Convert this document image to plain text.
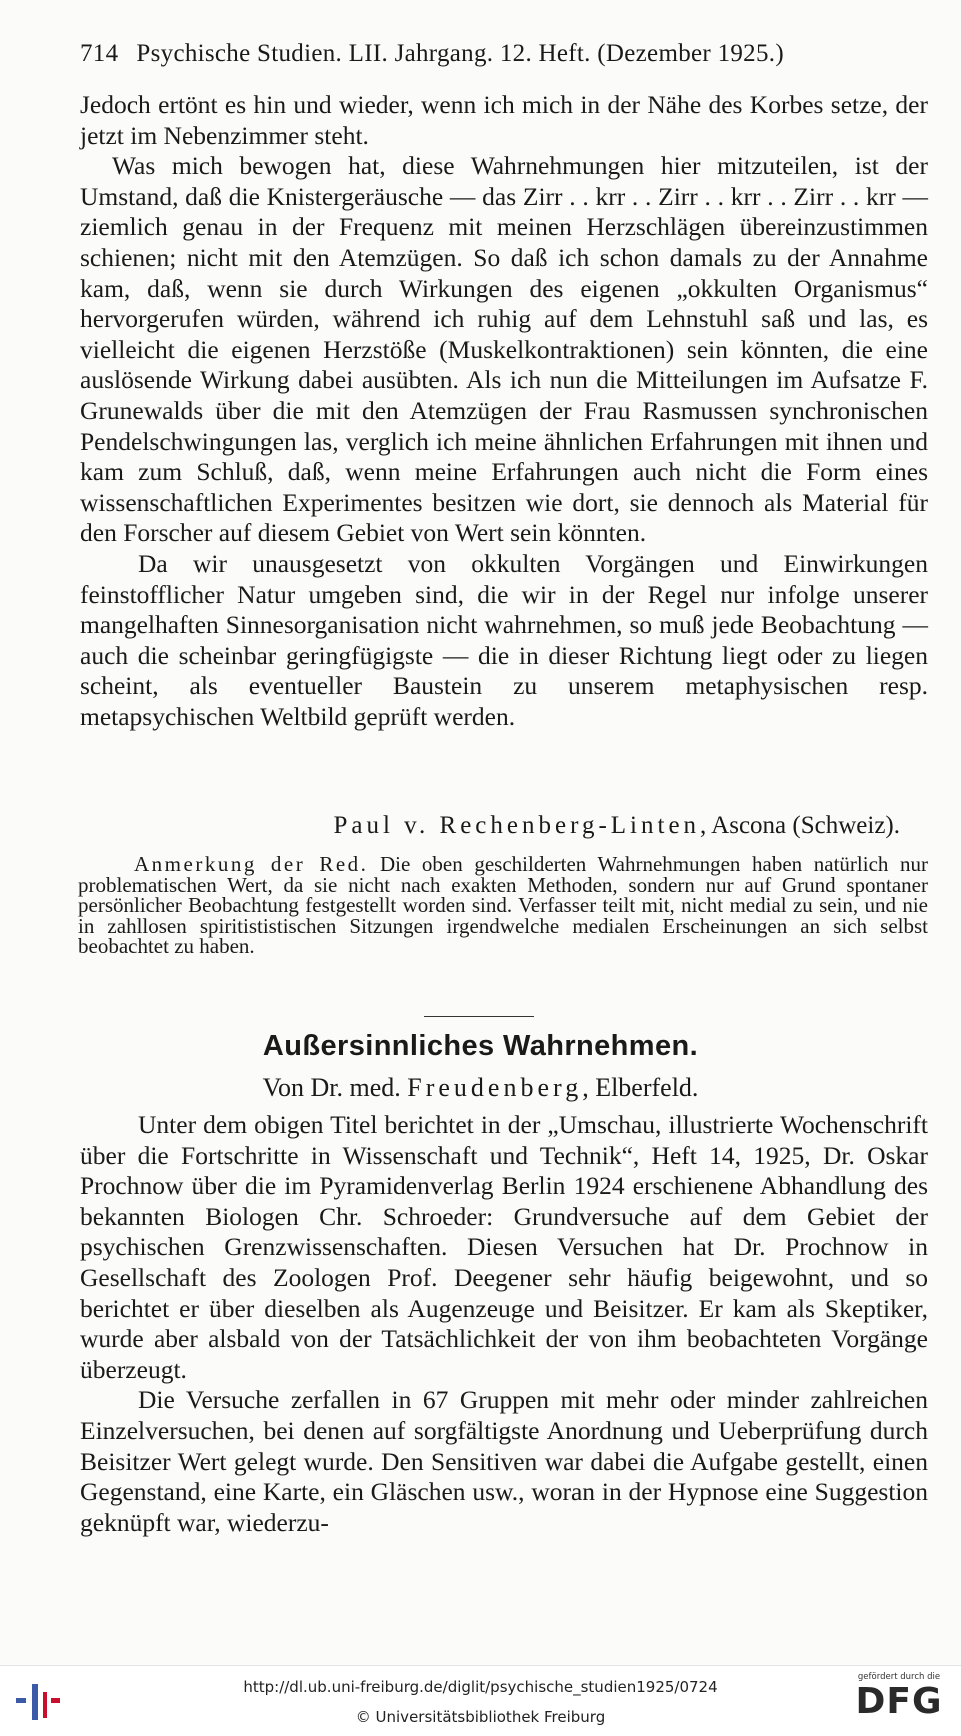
714 Psychische Studien. LII. Jahrgang. 12. Heft. (Dezember 1925.)

Jedoch ertönt es hin und wieder, wenn ich mich in der Nähe des Korbes setze, der jetzt im Nebenzimmer steht.

Was mich bewogen hat, diese Wahrnehmungen hier mitzuteilen, ist der Umstand, daß die Knistergeräusche — das Zirr . . krr . . Zirr . . krr . . Zirr . . krr — ziemlich genau in der Frequenz mit meinen Herzschlägen übereinzustimmen schienen; nicht mit den Atemzügen. So daß ich schon damals zu der Annahme kam, daß, wenn sie durch Wirkungen des eigenen „okkulten Organismus“ hervorgerufen würden, während ich ruhig auf dem Lehnstuhl saß und las, es vielleicht die eigenen Herzstöße (Muskelkontraktionen) sein könnten, die eine auslösende Wirkung dabei ausübten. Als ich nun die Mitteilungen im Aufsatze F. Grunewalds über die mit den Atemzügen der Frau Rasmussen synchronischen Pendelschwingungen las, verglich ich meine ähnlichen Erfahrungen mit ihnen und kam zum Schluß, daß, wenn meine Erfahrungen auch nicht die Form eines wissenschaftlichen Experimentes besitzen wie dort, sie dennoch als Material für den Forscher auf diesem Gebiet von Wert sein könnten.

Da wir unausgesetzt von okkulten Vorgängen und Einwirkungen feinstofflicher Natur umgeben sind, die wir in der Regel nur infolge unserer mangelhaften Sinnesorganisation nicht wahrnehmen, so muß jede Beobachtung — auch die scheinbar geringfügigste — die in dieser Richtung liegt oder zu liegen scheint, als eventueller Baustein zu unserem metaphysischen resp. metapsychischen Weltbild geprüft werden.

Paul v. Rechenberg-Linten, Ascona (Schweiz).

Anmerkung der Red. Die oben geschilderten Wahrnehmungen haben natürlich nur problematischen Wert, da sie nicht nach exakten Methoden, sondern nur auf Grund spontaner persönlicher Beobachtung festgestellt worden sind. Verfasser teilt mit, nicht medial zu sein, und nie in zahllosen spiritististischen Sitzungen irgendwelche medialen Erscheinungen an sich selbst beobachtet zu haben.

Außersinnliches Wahrnehmen.
Von Dr. med. Freudenberg, Elberfeld.

Unter dem obigen Titel berichtet in der „Umschau, illustrierte Wochenschrift über die Fortschritte in Wissenschaft und Technik“, Heft 14, 1925, Dr. Oskar Prochnow über die im Pyramidenverlag Berlin 1924 erschienene Abhandlung des bekannten Biologen Chr. Schroeder: Grundversuche auf dem Gebiet der psychischen Grenzwissenschaften. Diesen Versuchen hat Dr. Prochnow in Gesellschaft des Zoologen Prof. Deegener sehr häufig beigewohnt, und so berichtet er über dieselben als Augenzeuge und Beisitzer. Er kam als Skeptiker, wurde aber alsbald von der Tatsächlichkeit der von ihm beobachteten Vorgänge überzeugt.

Die Versuche zerfallen in 67 Gruppen mit mehr oder minder zahlreichen Einzelversuchen, bei denen auf sorgfältigste Anordnung und Ueberprüfung durch Beisitzer Wert gelegt wurde. Den Sensitiven war dabei die Aufgabe gestellt, einen Gegenstand, eine Karte, ein Gläschen usw., woran in der Hypnose eine Suggestion geknüpft war, wiederzu-

http://dl.ub.uni-freiburg.de/diglit/psychische_studien1925/0724
© Universitätsbibliothek Freiburg
gefördert durch die
DFG
